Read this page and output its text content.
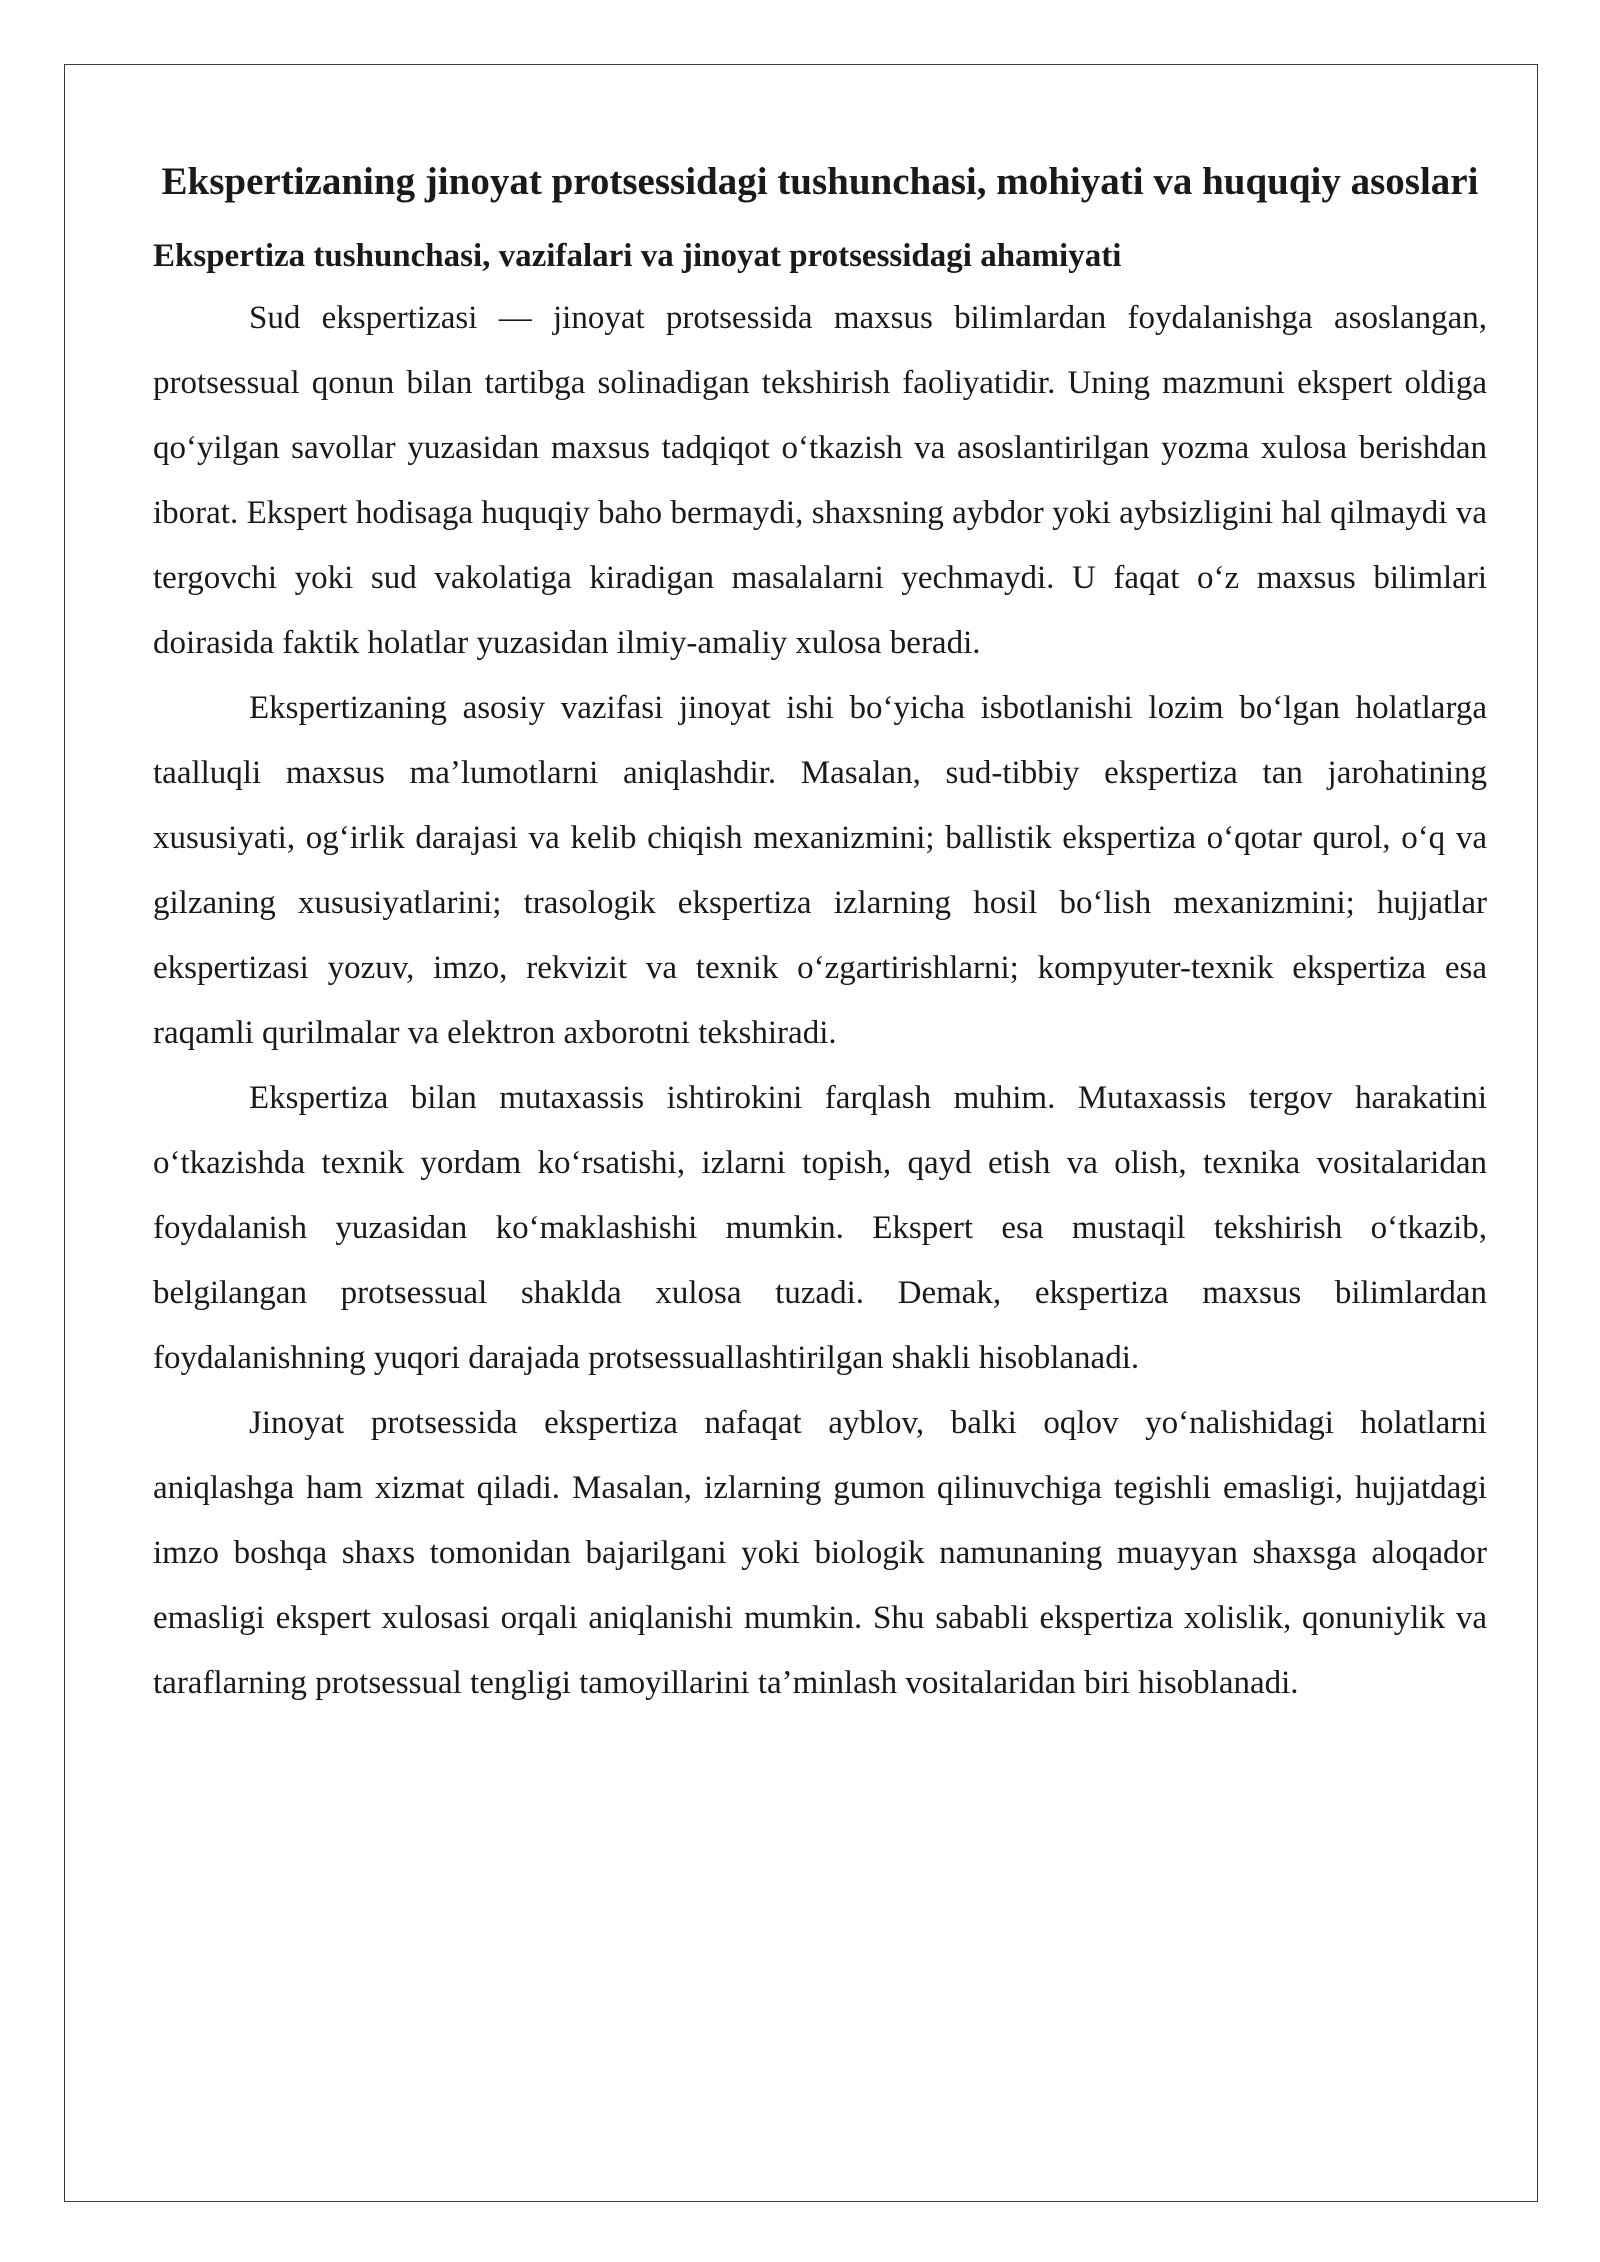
Ekspertizaning jinoyat protsessidagi tushunchasi, mohiyati va huquqiy asoslari
Ekspertiza tushunchasi, vazifalari va jinoyat protsessidagi ahamiyati

Sud ekspertizasi — jinoyat protsessida maxsus bilimlardan foydalanishga asoslangan, protsessual qonun bilan tartibga solinadigan tekshirish faoliyatidir. Uning mazmuni ekspert oldiga qoʻyilgan savollar yuzasidan maxsus tadqiqot oʻtkazish va asoslantirilgan yozma xulosa berishdan iborat. Ekspert hodisaga huquqiy baho bermaydi, shaxsning aybdor yoki aybsizligini hal qilmaydi va tergovchi yoki sud vakolatiga kiradigan masalalarni yechmaydi. U faqat oʻz maxsus bilimlari doirasida faktik holatlar yuzasidan ilmiy-amaliy xulosa beradi.

Ekspertizaning asosiy vazifasi jinoyat ishi boʻyicha isbotlanishi lozim boʻlgan holatlarga taalluqli maxsus maʼlumotlarni aniqlashdir. Masalan, sud-tibbiy ekspertiza tan jarohatining xususiyati, ogʻirlik darajasi va kelib chiqish mexanizmini; ballistik ekspertiza oʻqotar qurol, oʻq va gilzaning xususiyatlarini; trasologik ekspertiza izlarning hosil boʻlish mexanizmini; hujjatlar ekspertizasi yozuv, imzo, rekvizit va texnik oʻzgartirishlarni; kompyuter-texnik ekspertiza esa raqamli qurilmalar va elektron axborotni tekshiradi.

Ekspertiza bilan mutaxassis ishtirokini farqlash muhim. Mutaxassis tergov harakatini oʻtkazishda texnik yordam koʻrsatishi, izlarni topish, qayd etish va olish, texnika vositalaridan foydalanish yuzasidan koʻmaklashishi mumkin. Ekspert esa mustaqil tekshirish oʻtkazib, belgilangan protsessual shaklda xulosa tuzadi. Demak, ekspertiza maxsus bilimlardan foydalanishning yuqori darajada protsessuallashtirilgan shakli hisoblanadi.

Jinoyat protsessida ekspertiza nafaqat ayblov, balki oqlov yoʻnalishidagi holatlarni aniqlashga ham xizmat qiladi. Masalan, izlarning gumon qilinuvchiga tegishli emasligi, hujjatdagi imzo boshqa shaxs tomonidan bajarilgani yoki biologik namunaning muayyan shaxsga aloqador emasligi ekspert xulosasi orqali aniqlanishi mumkin. Shu sababli ekspertiza xolislik, qonuniylik va taraflarning protsessual tengligi tamoyillarini taʼminlash vositalaridan biri hisoblanadi.
